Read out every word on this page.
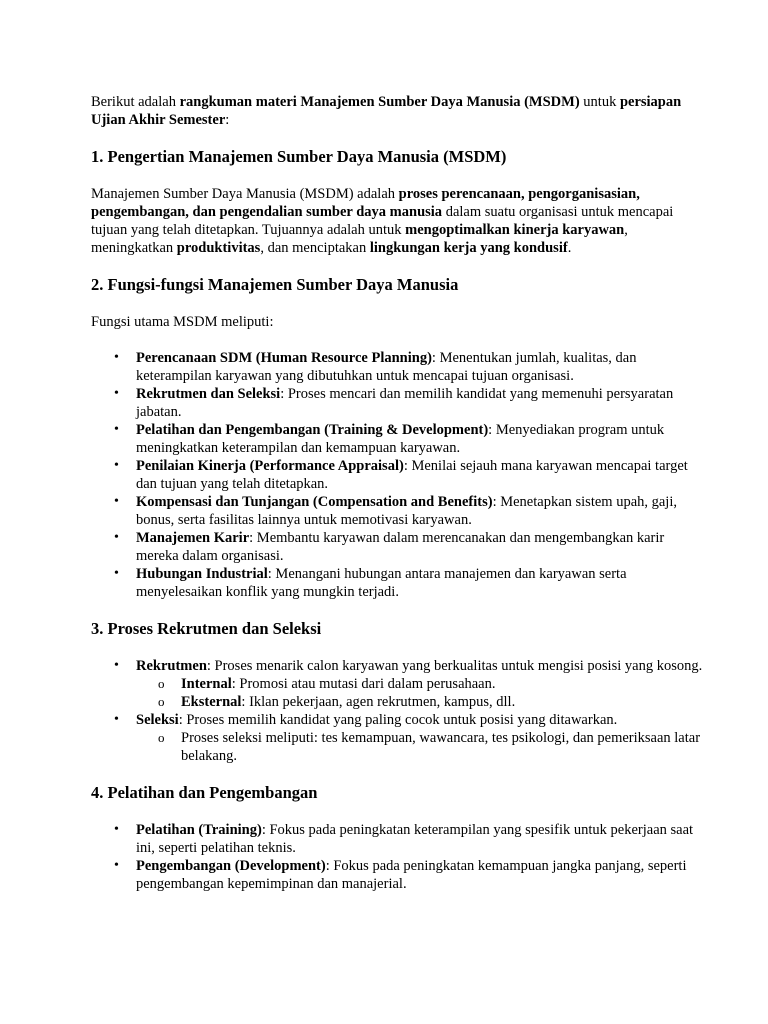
Berikut adalah rangkuman materi Manajemen Sumber Daya Manusia (MSDM) untuk persiapan Ujian Akhir Semester:

1. Pengertian Manajemen Sumber Daya Manusia (MSDM)

Manajemen Sumber Daya Manusia (MSDM) adalah proses perencanaan, pengorganisasian, pengembangan, dan pengendalian sumber daya manusia dalam suatu organisasi untuk mencapai tujuan yang telah ditetapkan. Tujuannya adalah untuk mengoptimalkan kinerja karyawan, meningkatkan produktivitas, dan menciptakan lingkungan kerja yang kondusif.

2. Fungsi-fungsi Manajemen Sumber Daya Manusia

Fungsi utama MSDM meliputi:

• Perencanaan SDM (Human Resource Planning): Menentukan jumlah, kualitas, dan keterampilan karyawan yang dibutuhkan untuk mencapai tujuan organisasi.
• Rekrutmen dan Seleksi: Proses mencari dan memilih kandidat yang memenuhi persyaratan jabatan.
• Pelatihan dan Pengembangan (Training & Development): Menyediakan program untuk meningkatkan keterampilan dan kemampuan karyawan.
• Penilaian Kinerja (Performance Appraisal): Menilai sejauh mana karyawan mencapai target dan tujuan yang telah ditetapkan.
• Kompensasi dan Tunjangan (Compensation and Benefits): Menetapkan sistem upah, gaji, bonus, serta fasilitas lainnya untuk memotivasi karyawan.
• Manajemen Karir: Membantu karyawan dalam merencanakan dan mengembangkan karir mereka dalam organisasi.
• Hubungan Industrial: Menangani hubungan antara manajemen dan karyawan serta menyelesaikan konflik yang mungkin terjadi.
3. Proses Rekrutmen dan Seleksi
• Rekrutmen: Proses menarik calon karyawan yang berkualitas untuk mengisi posisi yang kosong.
o Internal: Promosi atau mutasi dari dalam perusahaan.
o Eksternal: Iklan pekerjaan, agen rekrutmen, kampus, dll.
• Seleksi: Proses memilih kandidat yang paling cocok untuk posisi yang ditawarkan.
o Proses seleksi meliputi: tes kemampuan, wawancara, tes psikologi, dan pemeriksaan latar belakang.
4. Pelatihan dan Pengembangan
• Pelatihan (Training): Fokus pada peningkatan keterampilan yang spesifik untuk pekerjaan saat ini, seperti pelatihan teknis.
• Pengembangan (Development): Fokus pada peningkatan kemampuan jangka panjang, seperti pengembangan kepemimpinan dan manajerial.
